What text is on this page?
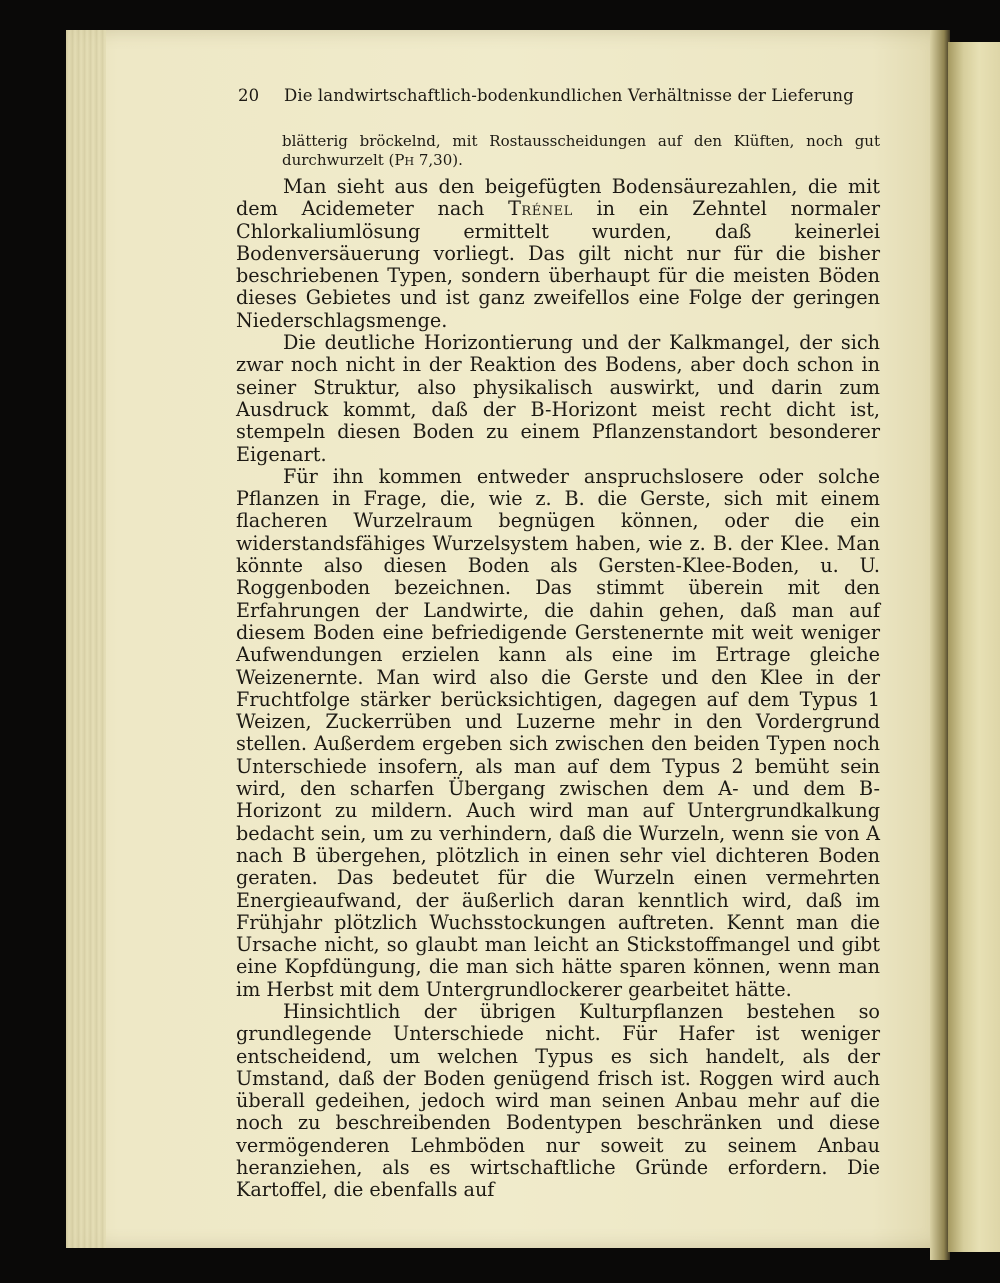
20 Die landwirtschaftlich-bodenkundlichen Verhältnisse der Lieferung

blätterig bröckelnd, mit Rostausscheidungen auf den Klüften, noch gut durchwurzelt (Ph 7,30).

Man sieht aus den beigefügten Bodensäurezahlen, die mit dem Acidemeter nach Trénel in ein Zehntel normaler Chlorkaliumlösung ermittelt wurden, daß keinerlei Bodenversäuerung vorliegt. Das gilt nicht nur für die bisher beschriebenen Typen, sondern überhaupt für die meisten Böden dieses Gebietes und ist ganz zweifellos eine Folge der geringen Niederschlagsmenge.

Die deutliche Horizontierung und der Kalkmangel, der sich zwar noch nicht in der Reaktion des Bodens, aber doch schon in seiner Struktur, also physikalisch auswirkt, und darin zum Ausdruck kommt, daß der B-Horizont meist recht dicht ist, stempeln diesen Boden zu einem Pflanzenstandort besonderer Eigenart.

Für ihn kommen entweder anspruchslosere oder solche Pflanzen in Frage, die, wie z. B. die Gerste, sich mit einem flacheren Wurzelraum begnügen können, oder die ein widerstandsfähiges Wurzelsystem haben, wie z. B. der Klee. Man könnte also diesen Boden als Gersten-Klee-Boden, u. U. Roggenboden bezeichnen. Das stimmt überein mit den Erfahrungen der Landwirte, die dahin gehen, daß man auf diesem Boden eine befriedigende Gerstenernte mit weit weniger Aufwendungen erzielen kann als eine im Ertrage gleiche Weizenernte. Man wird also die Gerste und den Klee in der Fruchtfolge stärker berücksichtigen, dagegen auf dem Typus 1 Weizen, Zuckerrüben und Luzerne mehr in den Vordergrund stellen. Außerdem ergeben sich zwischen den beiden Typen noch Unterschiede insofern, als man auf dem Typus 2 bemüht sein wird, den scharfen Übergang zwischen dem A- und dem B-Horizont zu mildern. Auch wird man auf Untergrundkalkung bedacht sein, um zu verhindern, daß die Wurzeln, wenn sie von A nach B übergehen, plötzlich in einen sehr viel dichteren Boden geraten. Das bedeutet für die Wurzeln einen vermehrten Energieaufwand, der äußerlich daran kenntlich wird, daß im Frühjahr plötzlich Wuchsstockungen auftreten. Kennt man die Ursache nicht, so glaubt man leicht an Stickstoffmangel und gibt eine Kopfdüngung, die man sich hätte sparen können, wenn man im Herbst mit dem Untergrundlockerer gearbeitet hätte.

Hinsichtlich der übrigen Kulturpflanzen bestehen so grundlegende Unterschiede nicht. Für Hafer ist weniger entscheidend, um welchen Typus es sich handelt, als der Umstand, daß der Boden genügend frisch ist. Roggen wird auch überall gedeihen, jedoch wird man seinen Anbau mehr auf die noch zu beschreibenden Bodentypen beschränken und diese vermögenderen Lehmböden nur soweit zu seinem Anbau heranziehen, als es wirtschaftliche Gründe erfordern. Die Kartoffel, die ebenfalls auf
